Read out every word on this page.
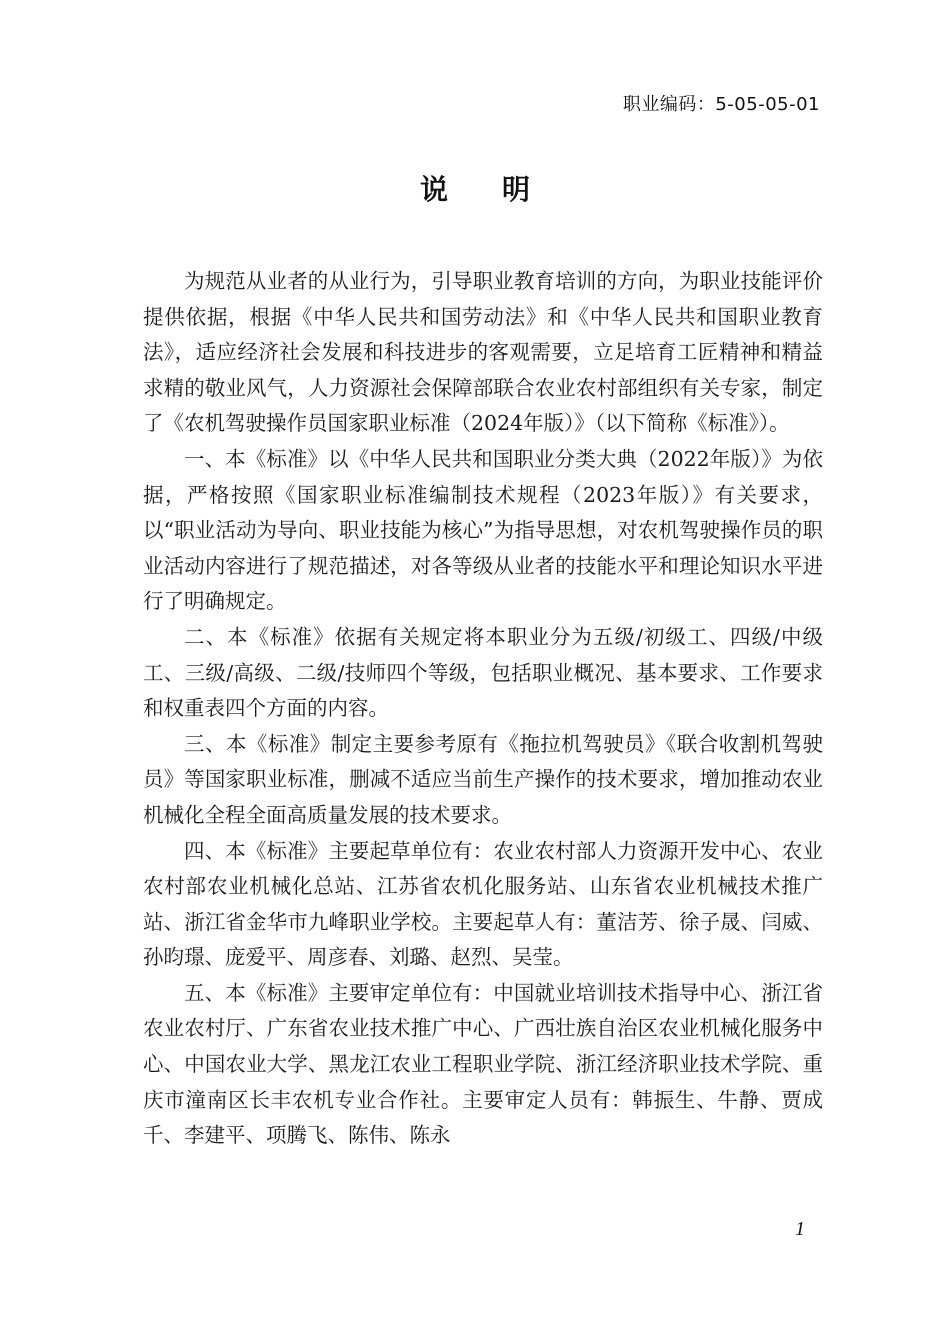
职业编码：5-05-05-01
说明

为规范从业者的从业行为，引导职业教育培训的方向，为职业技能评价提供依据，根据《中华人民共和国劳动法》和《中华人民共和国职业教育法》，适应经济社会发展和科技进步的客观需要，立足培育工匠精神和精益求精的敬业风气，人力资源社会保障部联合农业农村部组织有关专家，制定了《农机驾驶操作员国家职业标准（2024年版）》（以下简称《标准》）。

一、本《标准》以《中华人民共和国职业分类大典（2022年版）》为依据，严格按照《国家职业标准编制技术规程（2023年版）》有关要求，以“职业活动为导向、职业技能为核心”为指导思想，对农机驾驶操作员的职业活动内容进行了规范描述，对各等级从业者的技能水平和理论知识水平进行了明确规定。

二、本《标准》依据有关规定将本职业分为五级/初级工、四级/中级工、三级/高级、二级/技师四个等级，包括职业概况、基本要求、工作要求和权重表四个方面的内容。

三、本《标准》制定主要参考原有《拖拉机驾驶员》《联合收割机驾驶员》等国家职业标准，删减不适应当前生产操作的技术要求，增加推动农业机械化全程全面高质量发展的技术要求。

四、本《标准》主要起草单位有：农业农村部人力资源开发中心、农业农村部农业机械化总站、江苏省农机化服务站、山东省农业机械技术推广站、浙江省金华市九峰职业学校。主要起草人有：董洁芳、徐子晟、闫威、孙昀璟、庞爱平、周彦春、刘璐、赵烈、吴莹。

五、本《标准》主要审定单位有：中国就业培训技术指导中心、浙江省农业农村厅、广东省农业技术推广中心、广西壮族自治区农业机械化服务中心、中国农业大学、黑龙江农业工程职业学院、浙江经济职业技术学院、重庆市潼南区长丰农机专业合作社。主要审定人员有：韩振生、牛静、贾成千、李建平、项腾飞、陈伟、陈永

1
